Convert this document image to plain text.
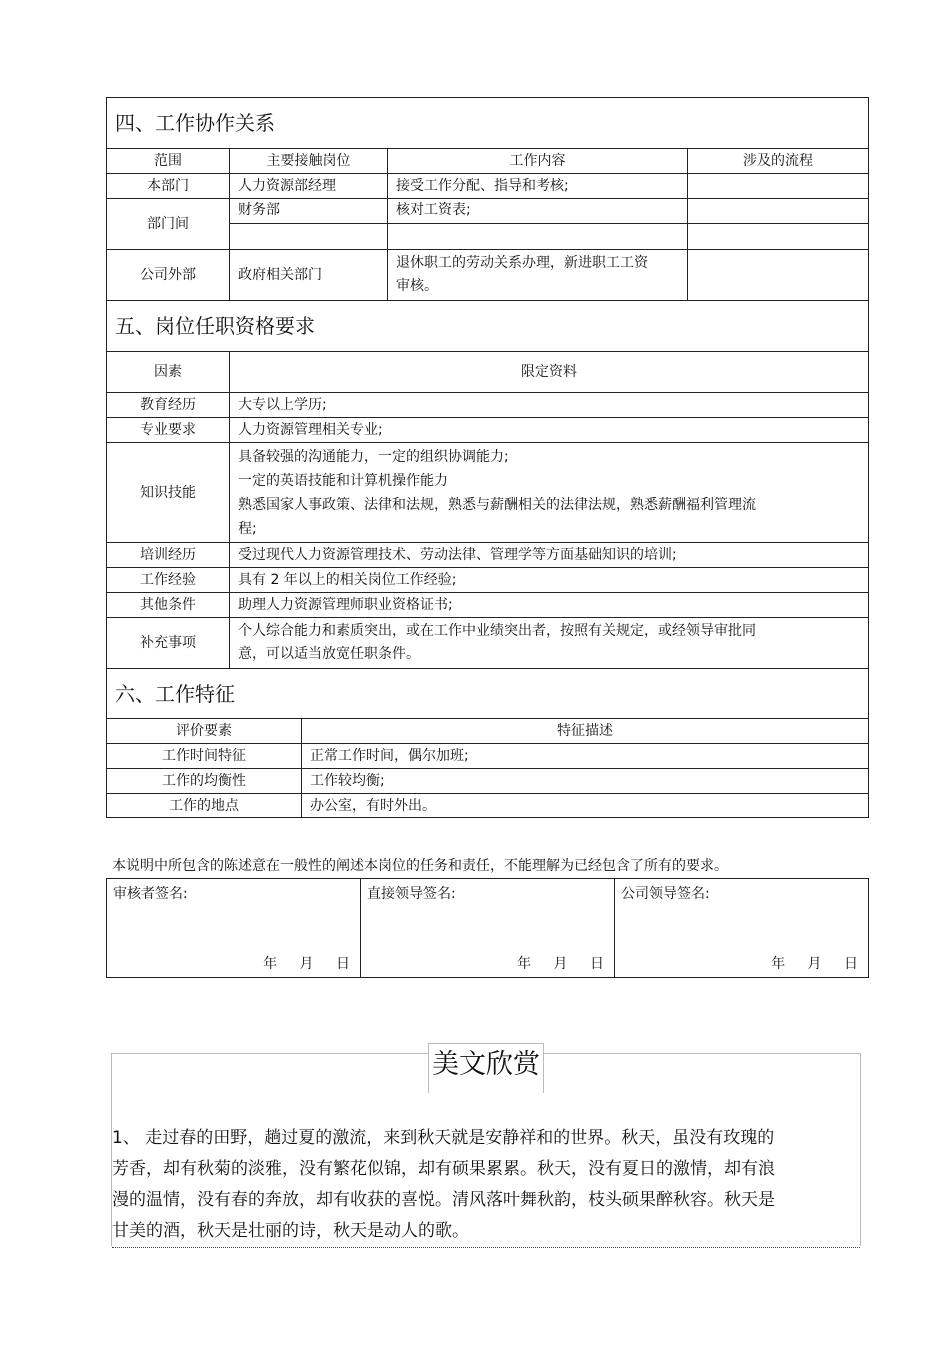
四、工作协作关系				
范围	主要接触岗位		工作内容	涉及的流程
本部门	人力资源部经理		接受工作分配、指导和考核;	
部门间	财务部		核对工资表;	

公司外部	政府相关部门		退休职工的劳动关系办理，新进职工工资审核。	
五、岗位任职资格要求				
因素	限定资料			
教育经历	大专以上学历;			
专业要求	人力资源管理相关专业;			
知识技能	具备较强的沟通能力，一定的组织协调能力;
一定的英语技能和计算机操作能力
熟悉国家人事政策、法律和法规，熟悉与薪酬相关的法律法规，熟悉薪酬福利管理流
程;			

培训经历	受过现代人力资源管理技术、劳动法律、管理学等方面基础知识的培训;			
工作经验	具有 2 年以上的相关岗位工作经验;			
其他条件	助理人力资源管理师职业资格证书;			
补充事项	个人综合能力和素质突出，或在工作中业绩突出者，按照有关规定，或经领导审批同
意，可以适当放宽任职条件。			

六、工作特征				
评价要素		特征描述		
工作时间特征		正常工作时间，偶尔加班;		
工作的均衡性		工作较均衡;		
工作的地点		办公室，有时外出。		
本说明中所包含的陈述意在一般性的阐述本岗位的任务和责任，不能理解为已经包含了所有的要求。
审核者签名:
年 月 日
	直接领导签名:
年 月 日
	公司领导签名:
年 月 日
美文欣赏
1、 走过春的田野，趟过夏的激流，来到秋天就是安静祥和的世界。秋天，虽没有玫瑰的
芳香，却有秋菊的淡雅，没有繁花似锦，却有硕果累累。秋天，没有夏日的激情，却有浪
漫的温情，没有春的奔放，却有收获的喜悦。清风落叶舞秋韵，枝头硕果醉秋容。秋天是
甘美的酒，秋天是壮丽的诗，秋天是动人的歌。
